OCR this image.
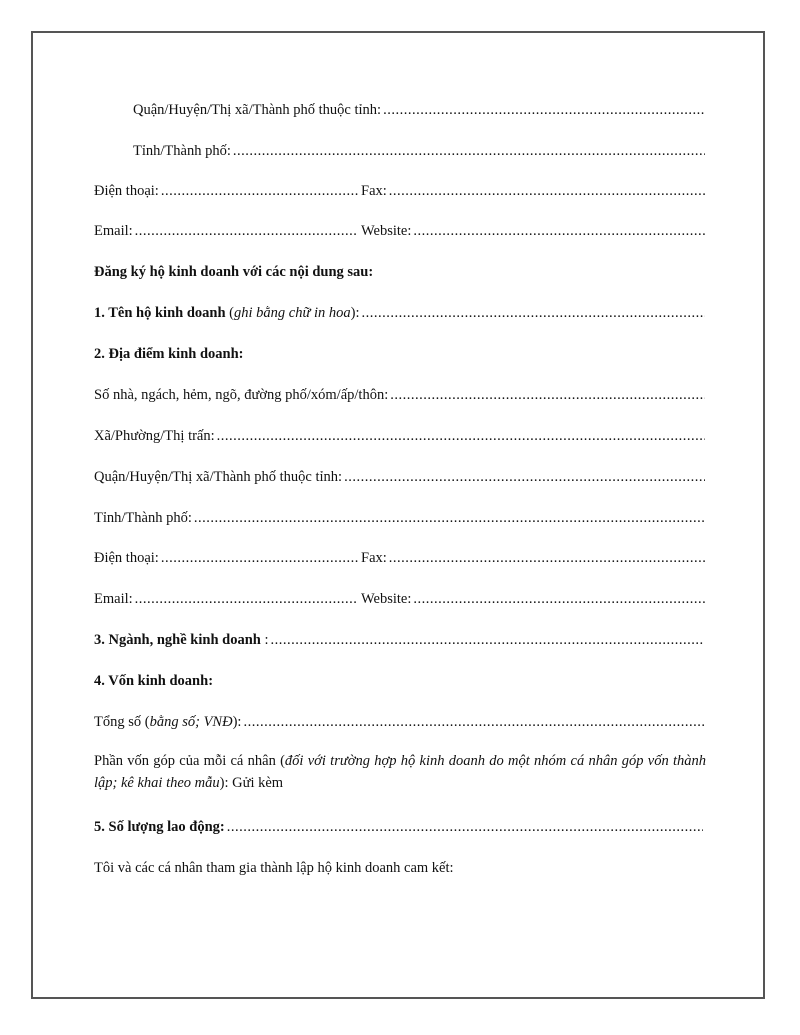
Quận/Huyện/Thị xã/Thành phố thuộc tỉnh:
.....
Tỉnh/Thành phố:
.....
Điện thoại: .....	Fax:
.....
Email: .....	Website:
.....
Đăng ký hộ kinh doanh với các nội dung sau:
1. Tên hộ kinh doanh ( ghi bằng chữ in hoa ):
.....
2. Địa điểm kinh doanh:
Số nhà, ngách, hẻm, ngõ, đường phố/xóm/ấp/thôn:
.....
Xã/Phường/Thị trấn:
.....
Quận/Huyện/Thị xã/Thành phố thuộc tỉnh:
.....
Tỉnh/Thành phố:
.....
Điện thoại: .....	Fax:
.....
Email: .....	Website:
.....
3. Ngành, nghề kinh doanh :
.....
4. Vốn kinh doanh:
Tổng số ( bằng số; VNĐ ):
.....
Phần vốn góp của mỗi cá nhân (đối với trường hợp hộ kinh doanh do một nhóm cá nhân góp vốn thành lập; kê khai theo mẫu): Gửi kèm
5. Số lượng lao động:
.....
Tôi và các cá nhân tham gia thành lập hộ kinh doanh cam kết:
